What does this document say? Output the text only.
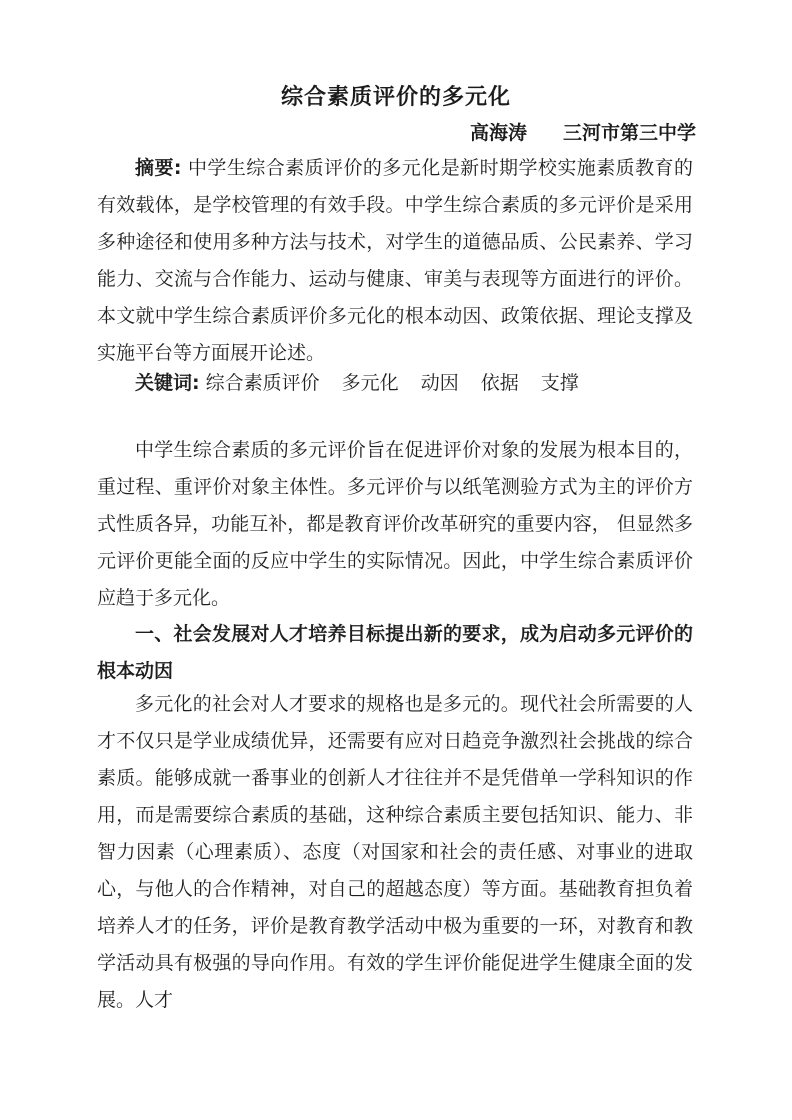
综合素质评价的多元化
高海涛 三河市第三中学
摘要: 中学生综合素质评价的多元化是新时期学校实施素质教育的有效载体，是学校管理的有效手段。中学生综合素质的多元评价是采用多种途径和使用多种方法与技术，对学生的道德品质、公民素养、学习能力、交流与合作能力、运动与健康、审美与表现等方面进行的评价。本文就中学生综合素质评价多元化的根本动因、政策依据、理论支撑及实施平台等方面展开论述。
关键词: 综合素质评价 多元化 动因 依据 支撑
中学生综合素质的多元评价旨在促进评价对象的发展为根本目的，重过程、重评价对象主体性。多元评价与以纸笔测验方式为主的评价方式性质各异，功能互补，都是教育评价改革研究的重要内容， 但显然多元评价更能全面的反应中学生的实际情况。因此，中学生综合素质评价应趋于多元化。
一、社会发展对人才培养目标提出新的要求，成为启动多元评价的根本动因
多元化的社会对人才要求的规格也是多元的。现代社会所需要的人才不仅只是学业成绩优异，还需要有应对日趋竞争激烈社会挑战的综合素质。能够成就一番事业的创新人才往往并不是凭借单一学科知识的作用，而是需要综合素质的基础，这种综合素质主要包括知识、能力、非智力因素（心理素质）、态度（对国家和社会的责任感、对事业的进取心，与他人的合作精神，对自己的超越态度）等方面。基础教育担负着培养人才的任务，评价是教育教学活动中极为重要的一环，对教育和教学活动具有极强的导向作用。有效的学生评价能促进学生健康全面的发展。人才
